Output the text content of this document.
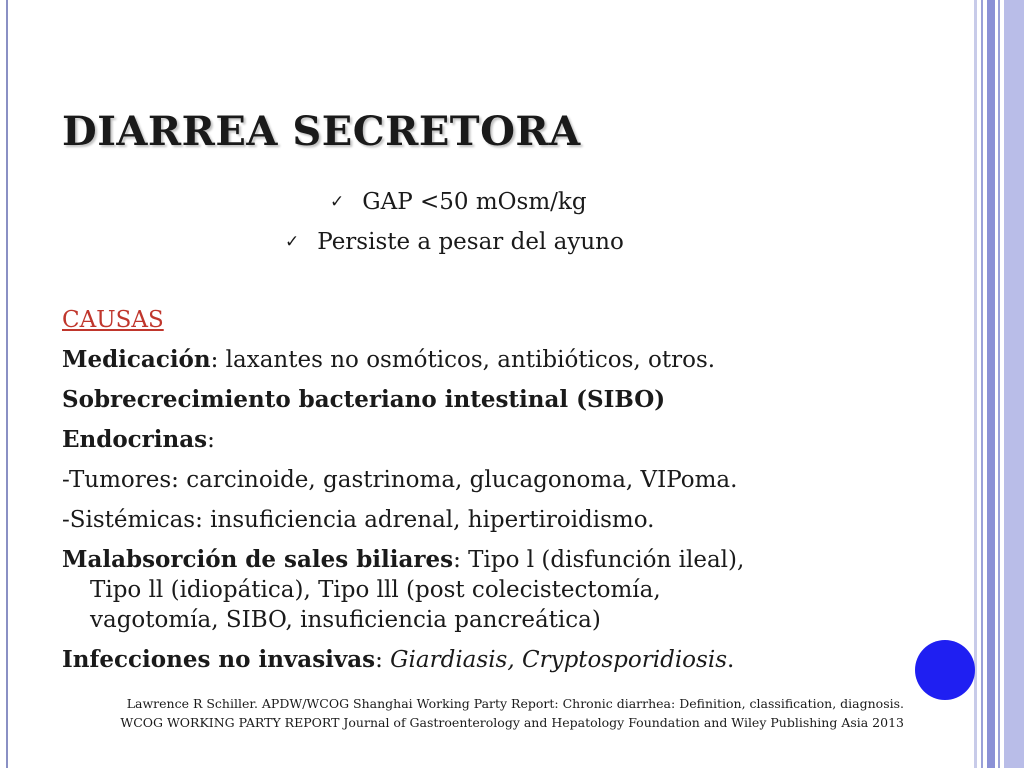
DIARREA SECRETORA
✓ GAP <50 mOsm/kg
✓ Persiste a pesar del ayuno
CAUSAS
Medicación: laxantes no osmóticos, antibióticos, otros.
Sobrecrecimiento bacteriano intestinal (SIBO)
Endocrinas:
-Tumores: carcinoide, gastrinoma, glucagonoma, VIPoma.
-Sistémicas: insuficiencia adrenal, hipertiroidismo.
Malabsorción de sales biliares: Tipo l (disfunción ileal),
Tipo ll (idiopática), Tipo lll (post colecistectomía,
vagotomía, SIBO, insuficiencia pancreática)
Infecciones no invasivas: Giardiasis, Cryptosporidiosis.
Lawrence R Schiller. APDW/WCOG Shanghai Working Party Report: Chronic diarrhea: Definition, classification, diagnosis.
WCOG WORKING PARTY REPORT Journal of Gastroenterology and Hepatology Foundation and Wiley Publishing Asia 2013
